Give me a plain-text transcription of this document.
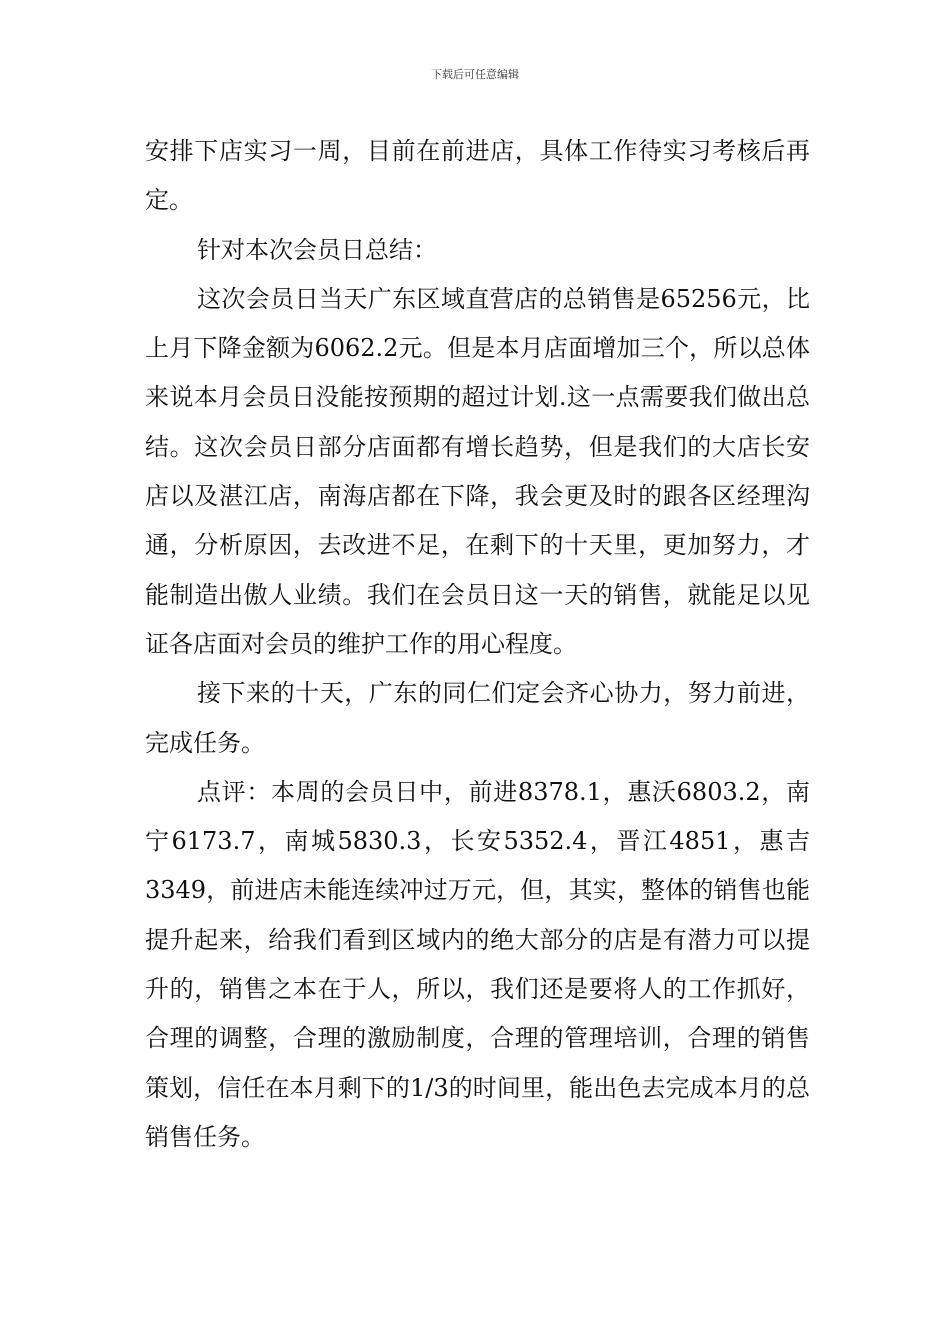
下载后可任意编辑

安排下店实习一周，目前在前进店，具体工作待实习考核后再定。

针对本次会员日总结：

这次会员日当天广东区域直营店的总销售是65256元，比上月下降金额为6062.2元。但是本月店面增加三个，所以总体来说本月会员日没能按预期的超过计划.这一点需要我们做出总结。这次会员日部分店面都有增长趋势，但是我们的大店长安店以及湛江店，南海店都在下降，我会更及时的跟各区经理沟通，分析原因，去改进不足，在剩下的十天里，更加努力，才能制造出傲人业绩。我们在会员日这一天的销售，就能足以见证各店面对会员的维护工作的用心程度。

接下来的十天，广东的同仁们定会齐心协力，努力前进，完成任务。

点评：本周的会员日中，前进8378.1，惠沃6803.2，南宁6173.7，南城5830.3，长安5352.4，晋江4851，惠吉3349，前进店未能连续冲过万元，但，其实，整体的销售也能提升起来，给我们看到区域内的绝大部分的店是有潜力可以提升的，销售之本在于人，所以，我们还是要将人的工作抓好，合理的调整，合理的激励制度，合理的管理培训，合理的销售策划，信任在本月剩下的1/3的时间里，能出色去完成本月的总销售任务。
